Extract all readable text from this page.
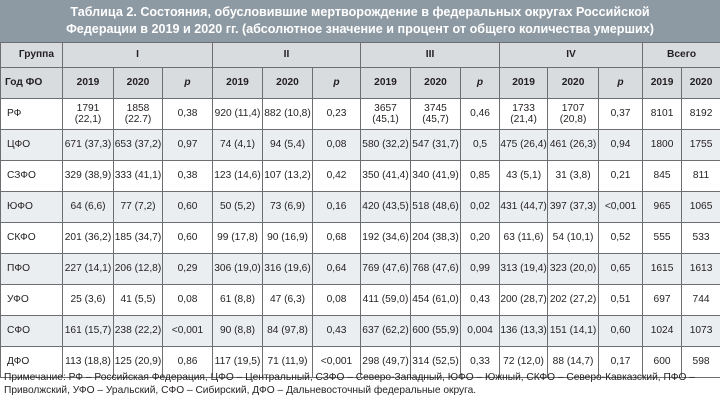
Таблица 2. Состояния, обусловившие мертворождение в федеральных округах Российской
Федерации в 2019 и 2020 гг. (абсолютное значение и процент от общего количества умерших)
Группа	I			II			III			IV			Всего	
Год ФО	2019	2020	p	2019	2020	p	2019	2020	p	2019	2020	p	2019	2020
РФ	1791 (22,1)	1858 (22.7)	0,38	920 (11,4)	882 (10,8)	0,23	3657 (45,1)	3745 (45,7)	0,46	1733 (21,4)	1707 (20,8)	0,37	8101	8192
ЦФО	671 (37,3)	653 (37,2)	0,97	74 (4,1)	94 (5,4)	0,08	580 (32,2)	547 (31,7)	0,5	475 (26,4)	461 (26,3)	0,94	1800	1755
СЗФО	329 (38,9)	333 (41,1)	0,38	123 (14,6)	107 (13,2)	0,42	350 (41,4)	340 (41,9)	0,85	43 (5,1)	31 (3,8)	0,21	845	811
ЮФО	64 (6,6)	77 (7,2)	0,60	50 (5,2)	73 (6,9)	0,16	420 (43,5)	518 (48,6)	0,02	431 (44,7)	397 (37,3)	<0,001	965	1065
СКФО	201 (36,2)	185 (34,7)	0,60	99 (17,8)	90 (16,9)	0,68	192 (34,6)	204 (38,3)	0,20	63 (11,6)	54 (10,1)	0,52	555	533
ПФО	227 (14,1)	206 (12,8)	0,29	306 (19,0)	316 (19,6)	0,64	769 (47,6)	768 (47,6)	0,99	313 (19,4)	323 (20,0)	0,65	1615	1613
УФО	25 (3,6)	41 (5,5)	0,08	61 (8,8)	47 (6,3)	0,08	411 (59,0)	454 (61,0)	0,43	200 (28,7)	202 (27,2)	0,51	697	744
СФО	161 (15,7)	238 (22,2)	<0,001	90 (8,8)	84 (97,8)	0,43	637 (62,2)	600 (55,9)	0,004	136 (13,3)	151 (14,1)	0,60	1024	1073
ДФО	113 (18,8)	125 (20,9)	0,86	117 (19,5)	71 (11,9)	<0,001	298 (49,7)	314 (52,5)	0,33	72 (12,0)	88 (14,7)	0,17	600	598
Примечание: РФ – Российская Федерация, ЦФО – Центральный, СЗФО – Северо-Западный, ЮФО – Южный, СКФО – Северо-Кавказский, ПФО – Приволжский, УФО – Уральский, СФО – Сибирский, ДФО – Дальневосточный федеральные округа.
